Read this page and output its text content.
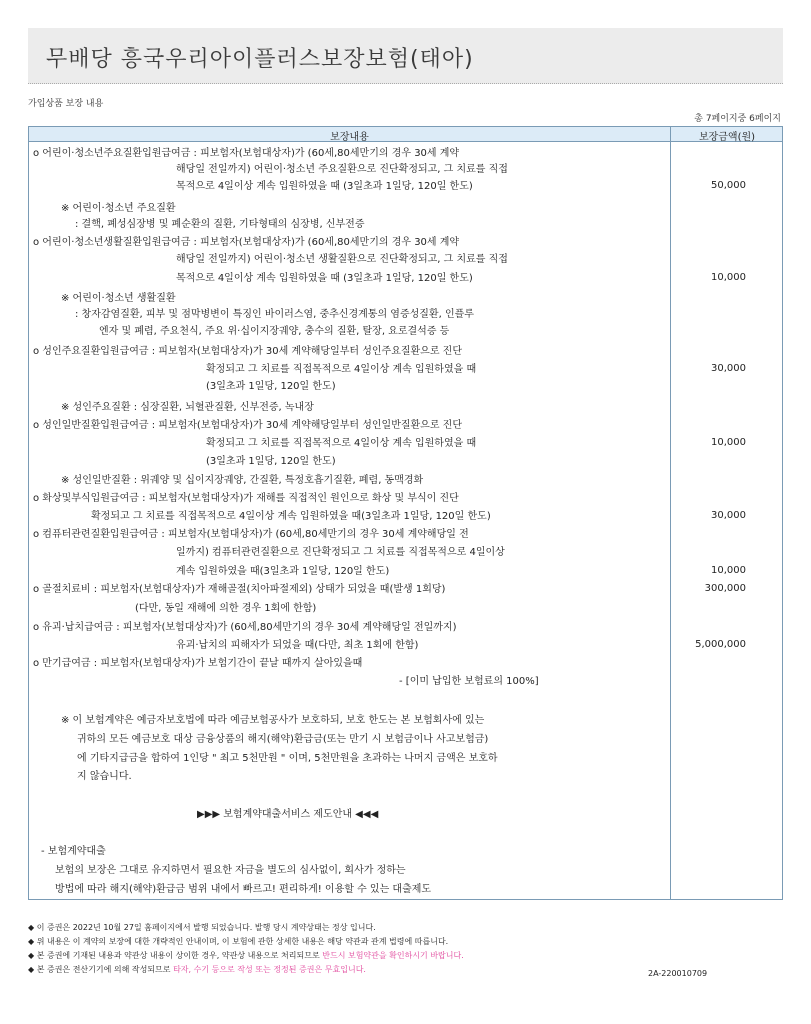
무배당 흥국우리아이플러스보장보험(태아)
가입상품 보장 내용
총 7페이지중 6페이지
보장내용	보장금액(원)
o 어린이·청소년주요질환입원급여금 : 피보험자(보험대상자)가 (60세,80세만기의 경우 30세 계약
해당일 전일까지) 어린이·청소년 주요질환으로 진단확정되고, 그 치료를 직접
목적으로 4일이상 계속 입원하였을 때 (3일초과 1일당, 120일 한도)	50,000
※ 어린이·청소년 주요질환
: 결핵, 폐성심장병 및 폐순환의 질환, 기타형태의 심장병, 신부전증
o 어린이·청소년생활질환입원급여금 : 피보험자(보험대상자)가 (60세,80세만기의 경우 30세 계약
해당일 전일까지) 어린이·청소년 생활질환으로 진단확정되고, 그 치료를 직접
목적으로 4일이상 계속 입원하였을 때 (3일초과 1일당, 120일 한도)	10,000
※ 어린이·청소년 생활질환
: 창자감염질환, 피부 및 점막병변이 특징인 바이러스염, 중추신경계통의 염증성질환, 인플루
엔자 및 폐렴, 주요천식, 주요 위·십이지장궤양, 충수의 질환, 탈장, 요로결석증 등
o 성인주요질환입원급여금 : 피보험자(보험대상자)가 30세 계약해당일부터 성인주요질환으로 진단
확정되고 그 치료를 직접목적으로 4일이상 계속 입원하였을 때	30,000
(3일초과 1일당, 120일 한도)
※ 성인주요질환 : 심장질환, 뇌혈관질환, 신부전증, 녹내장
o 성인일반질환입원급여금 : 피보험자(보험대상자)가 30세 계약해당일부터 성인일반질환으로 진단
확정되고 그 치료를 직접목적으로 4일이상 계속 입원하였을 때	10,000
(3일초과 1일당, 120일 한도)
※ 성인일반질환 : 위궤양 및 십이지장궤양, 간질환, 특정호흡기질환, 폐렴, 동맥경화
o 화상및부식입원급여금 : 피보험자(보험대상자)가 재해를 직접적인 원인으로 화상 및 부식이 진단
확정되고 그 치료를 직접목적으로 4일이상 계속 입원하였을 때(3일초과 1일당, 120일 한도)	30,000
o 컴퓨터관련질환입원급여금 : 피보험자(보험대상자)가 (60세,80세만기의 경우 30세 계약해당일 전
일까지) 컴퓨터관련질환으로 진단확정되고 그 치료를 직접목적으로 4일이상
계속 입원하였을 때(3일초과 1일당, 120일 한도)	10,000
o 골절치료비 : 피보험자(보험대상자)가 재해골절(치아파절제외) 상태가 되었을 때(발생 1회당)	300,000
(다만, 동일 재해에 의한 경우 1회에 한함)
o 유괴·납치급여금 : 피보험자(보험대상자)가 (60세,80세만기의 경우 30세 계약해당일 전일까지)
유괴·납치의 피해자가 되었을 때(다만, 최초 1회에 한함)	5,000,000
o 만기급여금 : 피보험자(보험대상자)가 보험기간이 끝날 때까지 살아있을때
- [이미 납입한 보험료의 100%]
※ 이 보험계약은 예금자보호법에 따라 예금보험공사가 보호하되, 보호 한도는 본 보험회사에 있는
귀하의 모든 예금보호 대상 금융상품의 해지(해약)환급금(또는 만기 시 보험금이나 사고보험금)
에 기타지급금을 합하여 1인당 " 최고 5천만원 " 이며, 5천만원을 초과하는 나머지 금액은 보호하
지 않습니다.
▶▶▶ 보험계약대출서비스 제도안내 ◀◀◀
- 보험계약대출
보험의 보장은 그대로 유지하면서 필요한 자금을 별도의 심사없이, 회사가 정하는
방법에 따라 해지(해약)환급금 범위 내에서 빠르고! 편리하게! 이용할 수 있는 대출제도
◆ 이 증권은 2022년 10월 27일 홈페이지에서 발행 되었습니다. 발행 당시 계약상태는 정상 입니다.
◆ 위 내용은 이 계약의 보장에 대한 개략적인 안내이며, 이 보험에 관한 상세한 내용은 해당 약관과 관계 법령에 따릅니다.
◆ 본 증권에 기재된 내용과 약관상 내용이 상이한 경우, 약관상 내용으로 처리되므로 반드시 보험약관을 확인하시기 바랍니다.
◆ 본 증권은 전산기기에 의해 작성되므로 타자, 수기 등으로 작성 또는 정정된 증권은 무효입니다.	2A-220010709
